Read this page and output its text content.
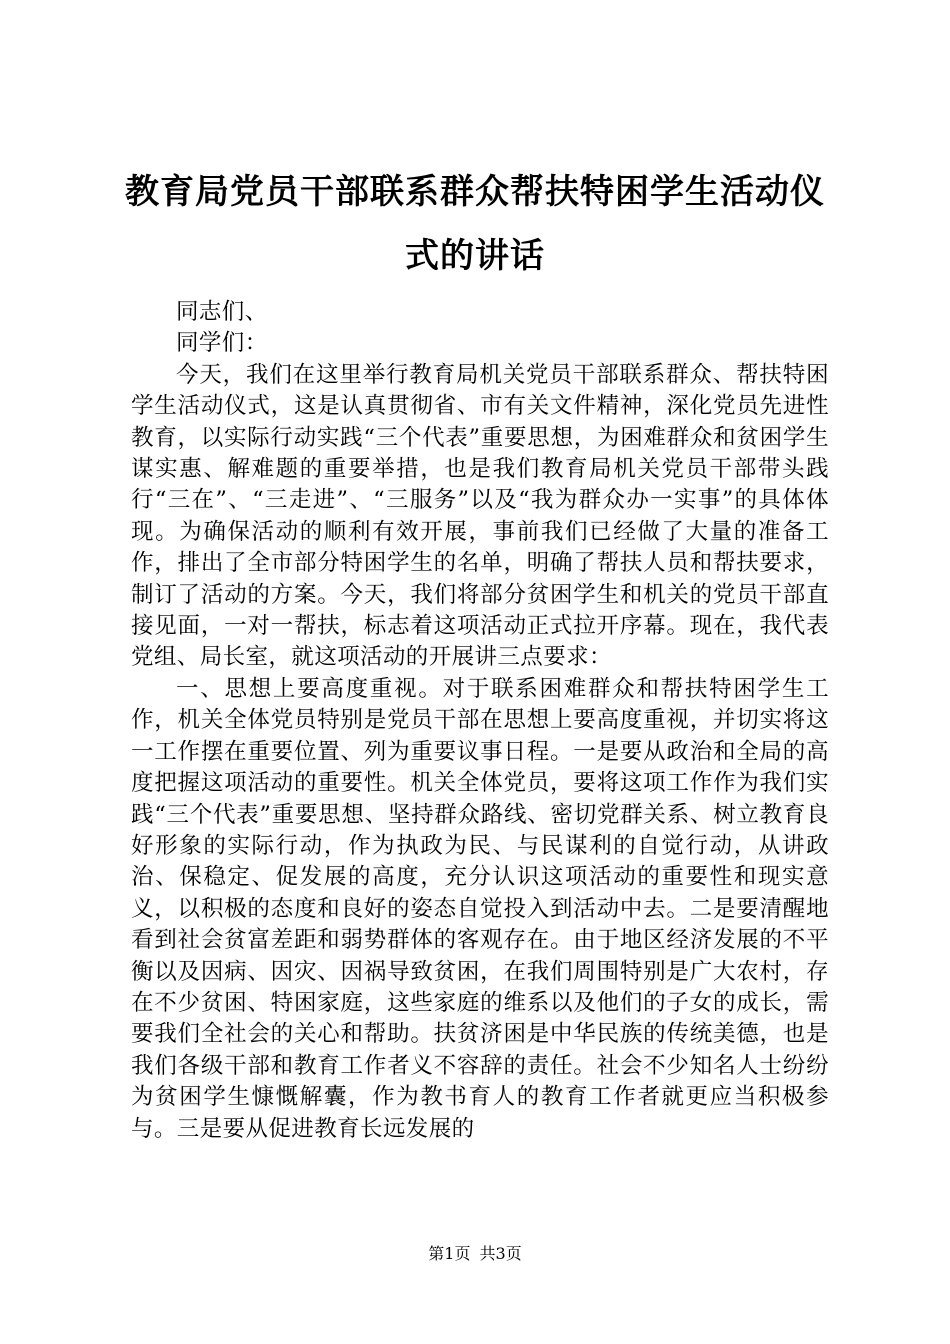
教育局党员干部联系群众帮扶特困学生活动仪式的讲话

同志们、

同学们：

今天，我们在这里举行教育局机关党员干部联系群众、帮扶特困学生活动仪式，这是认真贯彻省、市有关文件精神，深化党员先进性教育，以实际行动实践“三个代表”重要思想，为困难群众和贫困学生谋实惠、解难题的重要举措，也是我们教育局机关党员干部带头践行“三在”、“三走进”、“三服务”以及“我为群众办一实事”的具体体现。为确保活动的顺利有效开展，事前我们已经做了大量的准备工作，排出了全市部分特困学生的名单，明确了帮扶人员和帮扶要求，制订了活动的方案。今天，我们将部分贫困学生和机关的党员干部直接见面，一对一帮扶，标志着这项活动正式拉开序幕。现在，我代表党组、局长室，就这项活动的开展讲三点要求：

一、思想上要高度重视。对于联系困难群众和帮扶特困学生工作，机关全体党员特别是党员干部在思想上要高度重视，并切实将这一工作摆在重要位置、列为重要议事日程。一是要从政治和全局的高度把握这项活动的重要性。机关全体党员，要将这项工作作为我们实践“三个代表”重要思想、坚持群众路线、密切党群关系、树立教育良好形象的实际行动，作为执政为民、与民谋利的自觉行动，从讲政治、保稳定、促发展的高度，充分认识这项活动的重要性和现实意义，以积极的态度和良好的姿态自觉投入到活动中去。二是要清醒地看到社会贫富差距和弱势群体的客观存在。由于地区经济发展的不平衡以及因病、因灾、因祸导致贫困，在我们周围特别是广大农村，存在不少贫困、特困家庭，这些家庭的维系以及他们的子女的成长，需要我们全社会的关心和帮助。扶贫济困是中华民族的传统美德，也是我们各级干部和教育工作者义不容辞的责任。社会不少知名人士纷纷为贫困学生慷慨解囊，作为教书育人的教育工作者就更应当积极参与。三是要从促进教育长远发展的

第1页 共3页
